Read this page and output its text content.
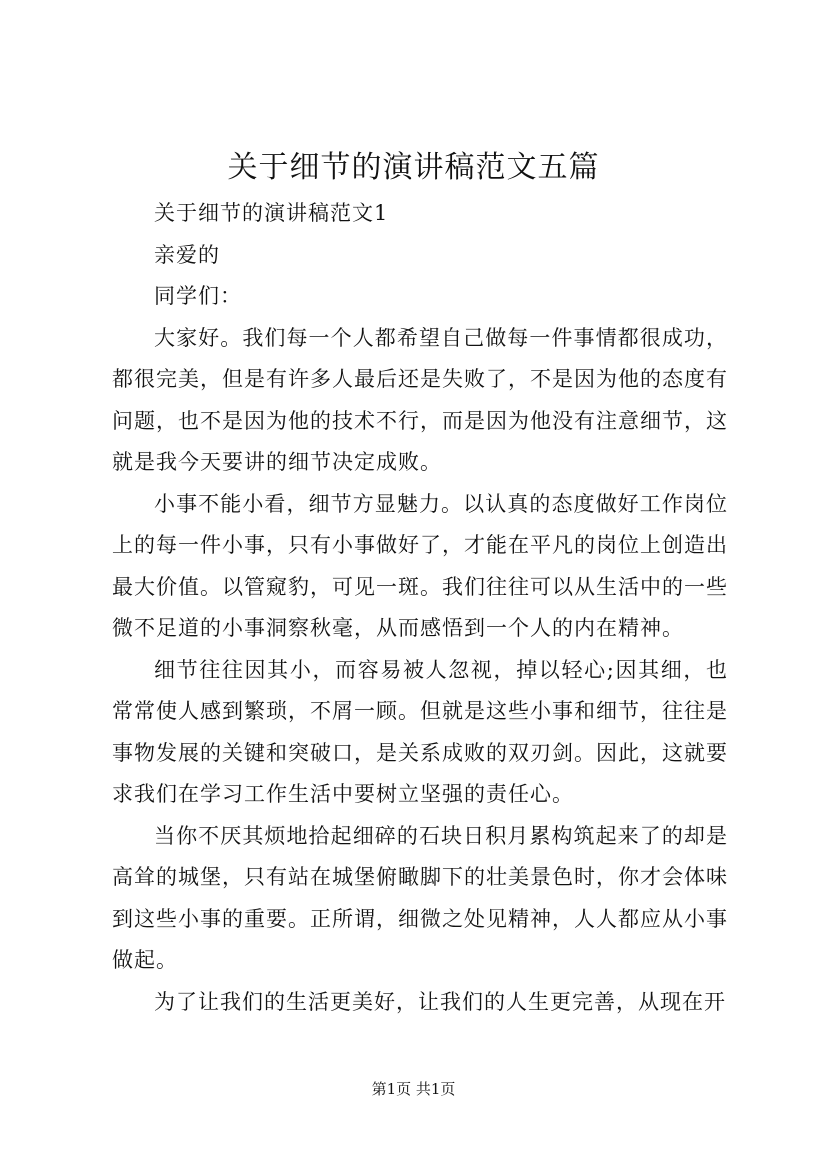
关于细节的演讲稿范文五篇

关于细节的演讲稿范文1

亲爱的

同学们：

大家好。我们每一个人都希望自己做每一件事情都很成功，都很完美，但是有许多人最后还是失败了，不是因为他的态度有问题，也不是因为他的技术不行，而是因为他没有注意细节，这就是我今天要讲的细节决定成败。

小事不能小看，细节方显魅力。以认真的态度做好工作岗位上的每一件小事，只有小事做好了，才能在平凡的岗位上创造出最大价值。以管窥豹，可见一斑。我们往往可以从生活中的一些微不足道的小事洞察秋毫，从而感悟到一个人的内在精神。

细节往往因其小，而容易被人忽视，掉以轻心;因其细，也常常使人感到繁琐，不屑一顾。但就是这些小事和细节，往往是事物发展的关键和突破口，是关系成败的双刃剑。因此，这就要求我们在学习工作生活中要树立坚强的责任心。

当你不厌其烦地拾起细碎的石块日积月累构筑起来了的却是高耸的城堡，只有站在城堡俯瞰脚下的壮美景色时，你才会体味到这些小事的重要。正所谓，细微之处见精神，人人都应从小事做起。

为了让我们的生活更美好，让我们的人生更完善，从现在开

第1页 共1页
